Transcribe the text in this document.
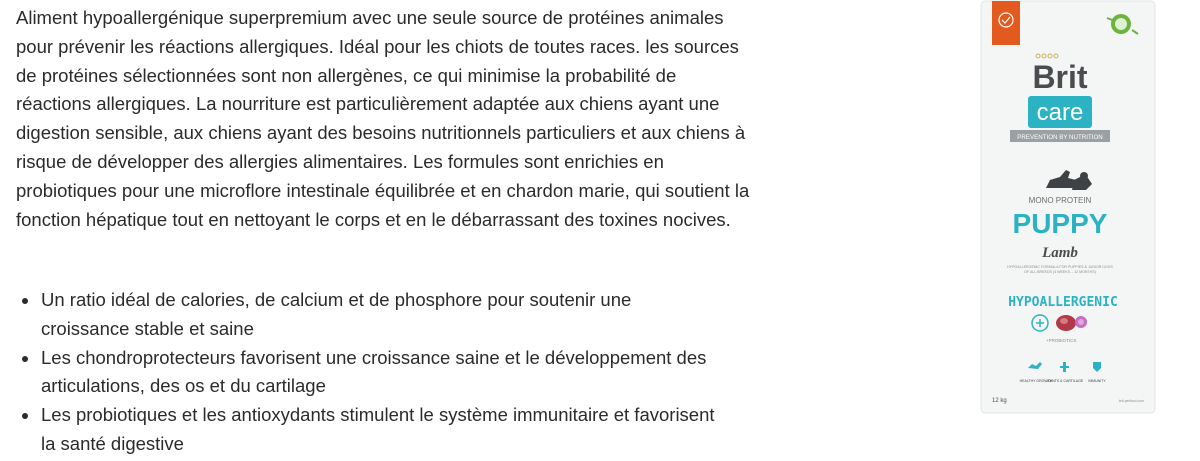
Aliment hypoallergénique superpremium avec une seule source de protéines animales pour prévenir les réactions allergiques. Idéal pour les chiots de toutes races. les sources de protéines sélectionnées sont non allergènes, ce qui minimise la probabilité de réactions allergiques. La nourriture est particulièrement adaptée aux chiens ayant une digestion sensible, aux chiens ayant des besoins nutritionnels particuliers et aux chiens à risque de développer des allergies alimentaires. Les formules sont enrichies en probiotiques pour une microflore intestinale équilibrée et en chardon marie, qui soutient la fonction hépatique tout en nettoyant le corps et en le débarrassant des toxines nocives.

Un ratio idéal de calories, de calcium et de phosphore pour soutenir une croissance stable et saine
Les chondroprotecteurs favorisent une croissance saine et le développement des articulations, des os et du cartilage
Les probiotiques et les antioxydants stimulent le système immunitaire et favorisent la santé digestive
Brit
care
PREVENTION BY NUTRITION
MONO PROTEIN
PUPPY
Lamb
HYPOALLERGENIC FORMULA FOR PUPPIES & JUNIOR DOGS
OF ALL BREEDS (4 WEEKS – 12 MONTHS)
HYPOALLERGENIC
+PROBIOTICS
HEALTHY GROWTH
JOINTS & CARTILAGE IMMUNITY
12 kg	brit-petfood.com
